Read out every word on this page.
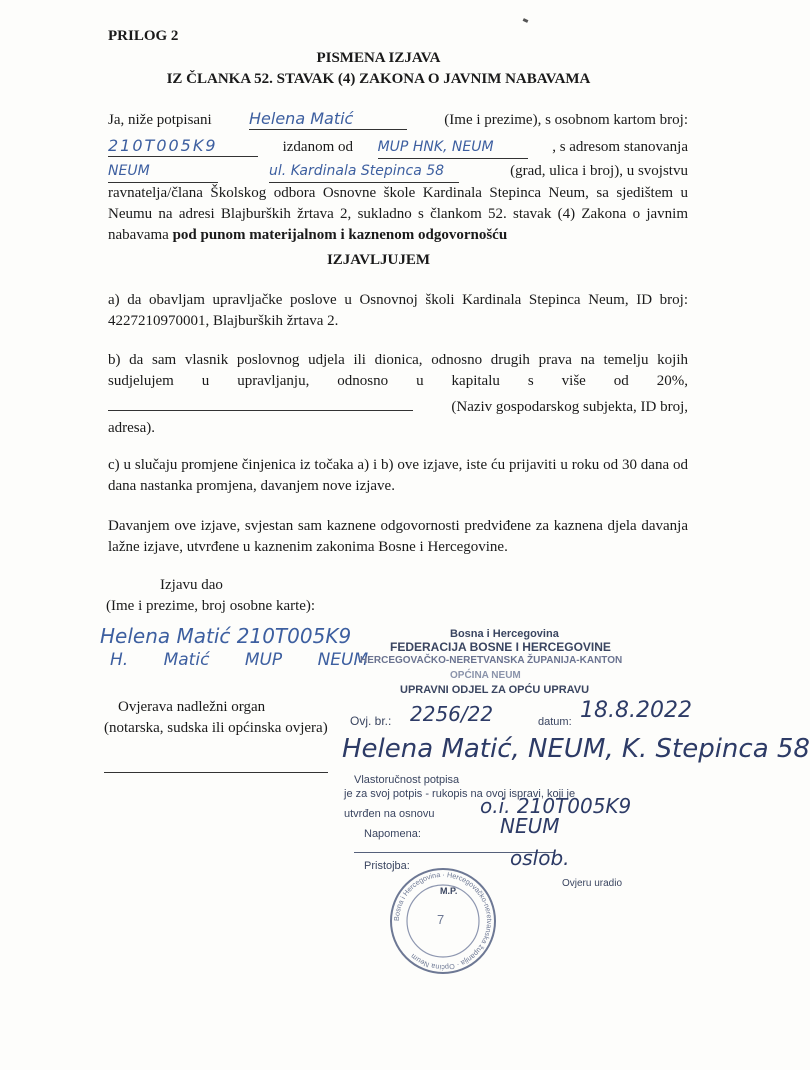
PRILOG 2
PISMENA IZJAVA
IZ ČLANKA 52. STAVAK (4) ZAKONA O JAVNIM NABAVAMA
Ja, niže potpisani Helena Matić	(Ime i prezime), s osobnom kartom broj:
210T005K9	izdanom od MUP HNK, NEUM	, s adresom stanovanja
NEUM	ul. Kardinala Stepinca 58	(grad, ulica i broj), u svojstvu
ravnatelja/člana Školskog odbora Osnovne škole Kardinala Stepinca Neum, sa sjedištem u
Neumu na adresi Blajburških žrtava 2, sukladno s člankom 52. stavak (4) Zakona o javnim
nabavama pod punom materijalnom i kaznenom odgovornošću
IZJAVLJUJEM
a) da obavljam upravljačke poslove u Osnovnoj školi Kardinala Stepinca Neum, ID broj: 4227210970001, Blajburških žrtava 2.
b) da sam vlasnik poslovnog udjela ili dionica, odnosno drugih prava na temelju kojih
sudjelujem u upravljanju, odnosno u kapitalu s više od 20%,
(Naziv gospodarskog subjekta, ID broj,
adresa).
c) u slučaju promjene činjenica iz točaka a) i b) ove izjave, iste ću prijaviti u roku od 30 dana od dana nastanka promjena, davanjem nove izjave.
Davanjem ove izjave, svjestan sam kaznene odgovornosti predviđene za kaznena djela davanja lažne izjave, utvrđene u kaznenim zakonima Bosne i Hercegovine.
Izjavu dao
(Ime i prezime, broj osobne karte):
Helena Matić 210T005K9
H. Matić MUP NEUM
Ovjerava nadležni organ
(notarska, sudska ili općinska ovjera)
Bosna i Hercegovina
FEDERACIJA BOSNE I HERCEGOVINE
HERCEGOVAČKO-NERETVANSKA ŽUPANIJA-KANTON
OPĆINA NEUM
UPRAVNI ODJEL ZA OPĆU UPRAVU
Ovj. br.: 2256/22	datum: 18.8.2022
Helena Matić, NEUM, K. Stepinca 58
Vlastoručnost potpisa
je za svoj potpis - rukopis na ovoj ispravi, koji je
utvrđen na osnovu o.i. 210T005K9
Napomena:	NEUM
Pristojba:	oslob.
M.P.
Ovjeru uradio
Bosna i Hercegovina · Hercegovačko-neretvanska županija · Općina Neum
7
